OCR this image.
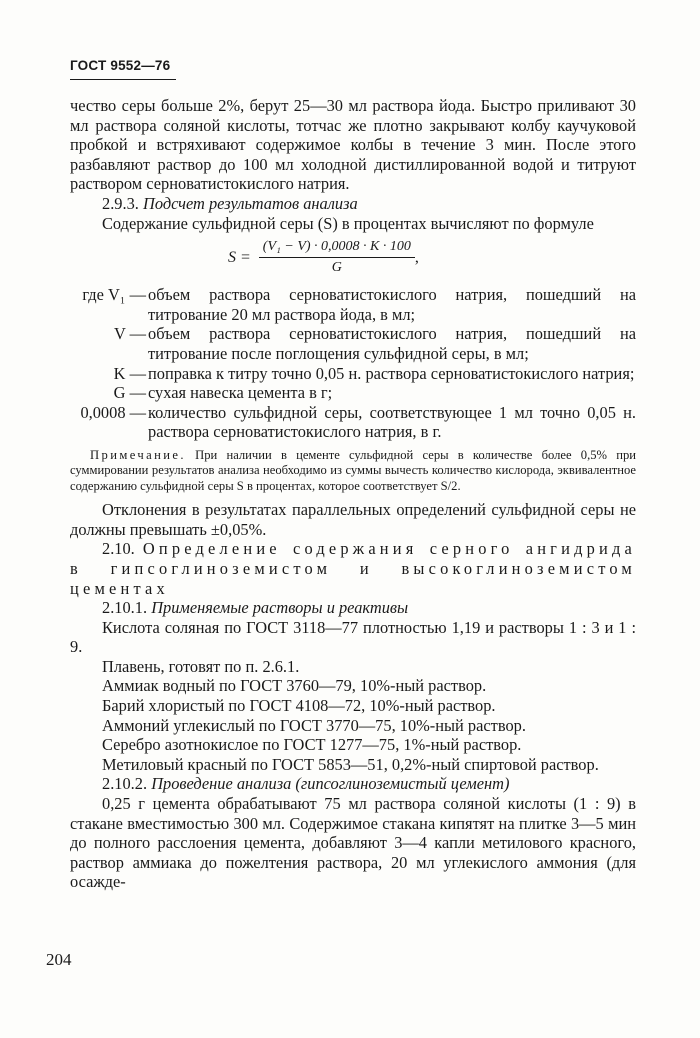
ГОСТ 9552—76

чество серы больше 2%, берут 25—30 мл раствора йода. Быстро приливают 30 мл раствора соляной кислоты, тотчас же плотно закрывают колбу каучуковой пробкой и встряхивают содержимое колбы в течение 3 мин. После этого разбавляют раствор до 100 мл холодной дистиллированной водой и титруют раствором серноватистокислого натрия.

2.9.3. Подсчет результатов анализа

Содержание сульфидной серы (S) в процентах вычисляют по формуле

$S = \frac{\text{(V₁ − V) · 0,0008 · K · 100}}{G}$ ,
где V₁ — объем раствора серноватистокислого натрия, пошедший на титрование 20 мл раствора йода, в мл;
V — объем раствора серноватистокислого натрия, пошедший на титрование после поглощения сульфидной серы, в мл;
K — поправка к титру точно 0,05 н. раствора серноватистокислого натрия;
G — сухая навеска цемента в г;
0,0008 — количество сульфидной серы, соответствующее 1 мл точно 0,05 н. раствора серноватистокислого натрия, в г.

Примечание. При наличии в цементе сульфидной серы в количестве более 0,5% при суммировании результатов анализа необходимо из суммы вычесть количество кислорода, эквивалентное содержанию сульфидной серы S в процентах, которое соответствует S/2.

Отклонения в результатах параллельных определений сульфидной серы не должны превышать ±0,05%.

2.10. Определение содержания серного ангидрида в гипсоглиноземистом и высокоглиноземистом цементах

2.10.1. Применяемые растворы и реактивы

Кислота соляная по ГОСТ 3118—77 плотностью 1,19 и растворы 1 : 3 и 1 : 9.

Плавень, готовят по п. 2.6.1.

Аммиак водный по ГОСТ 3760—79, 10%-ный раствор.

Барий хлористый по ГОСТ 4108—72, 10%-ный раствор.

Аммоний углекислый по ГОСТ 3770—75, 10%-ный раствор.

Серебро азотнокислое по ГОСТ 1277—75, 1%-ный раствор.

Метиловый красный по ГОСТ 5853—51, 0,2%-ный спиртовой раствор.

2.10.2. Проведение анализа (гипсоглиноземистый цемент)

0,25 г цемента обрабатывают 75 мл раствора соляной кислоты (1 : 9) в стакане вместимостью 300 мл. Содержимое стакана кипятят на плитке 3—5 мин до полного расслоения цемента, добавляют 3—4 капли метилового красного, раствор аммиака до пожелтения раствора, 20 мл углекислого аммония (для осажде-

204
